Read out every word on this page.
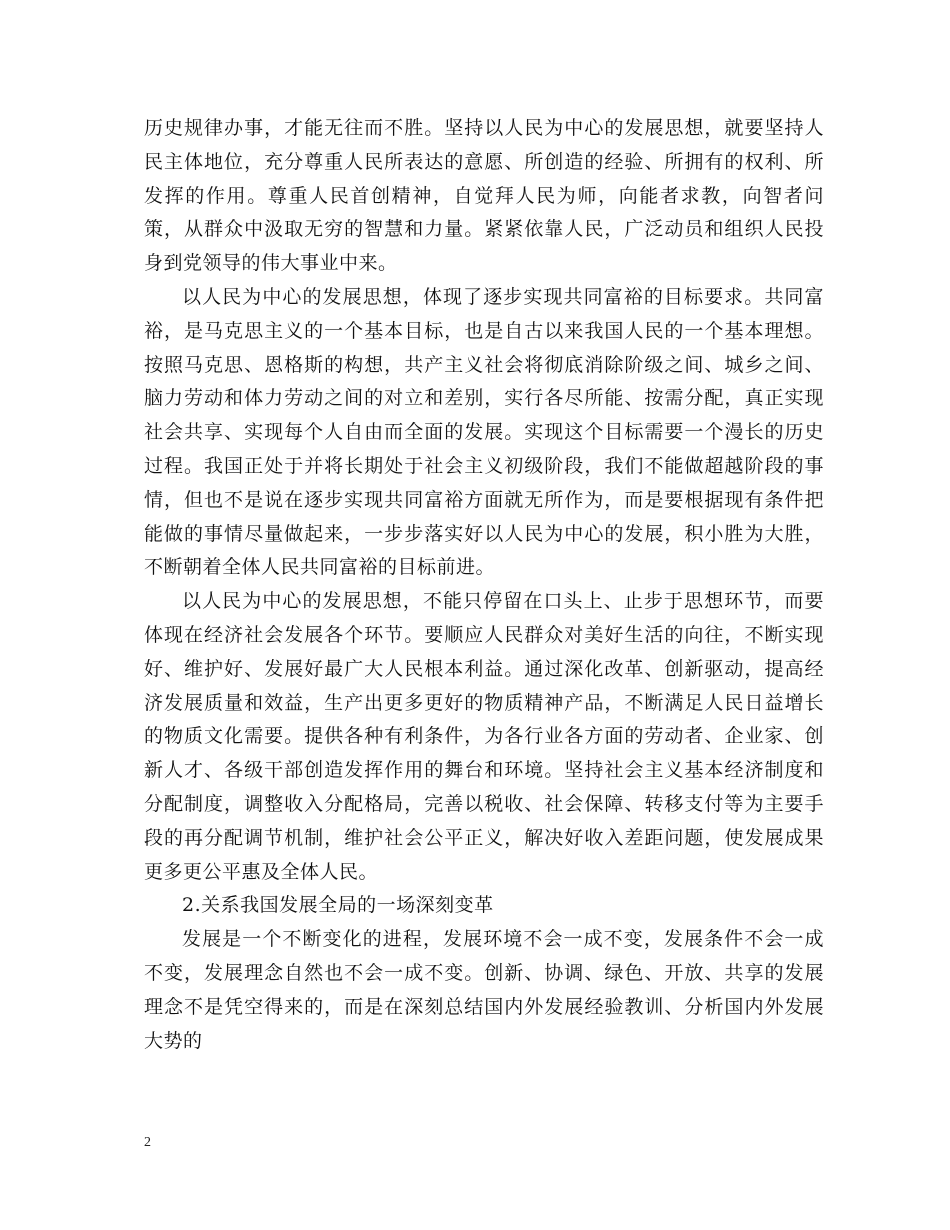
历史规律办事，才能无往而不胜。坚持以人民为中心的发展思想，就要坚持人民主体地位，充分尊重人民所表达的意愿、所创造的经验、所拥有的权利、所发挥的作用。尊重人民首创精神，自觉拜人民为师，向能者求教，向智者问策，从群众中汲取无穷的智慧和力量。紧紧依靠人民，广泛动员和组织人民投身到党领导的伟大事业中来。

以人民为中心的发展思想，体现了逐步实现共同富裕的目标要求。共同富裕，是马克思主义的一个基本目标，也是自古以来我国人民的一个基本理想。按照马克思、恩格斯的构想，共产主义社会将彻底消除阶级之间、城乡之间、脑力劳动和体力劳动之间的对立和差别，实行各尽所能、按需分配，真正实现社会共享、实现每个人自由而全面的发展。实现这个目标需要一个漫长的历史过程。我国正处于并将长期处于社会主义初级阶段，我们不能做超越阶段的事情，但也不是说在逐步实现共同富裕方面就无所作为，而是要根据现有条件把能做的事情尽量做起来，一步步落实好以人民为中心的发展，积小胜为大胜，不断朝着全体人民共同富裕的目标前进。

以人民为中心的发展思想，不能只停留在口头上、止步于思想环节，而要体现在经济社会发展各个环节。要顺应人民群众对美好生活的向往，不断实现好、维护好、发展好最广大人民根本利益。通过深化改革、创新驱动，提高经济发展质量和效益，生产出更多更好的物质精神产品，不断满足人民日益增长的物质文化需要。提供各种有利条件，为各行业各方面的劳动者、企业家、创新人才、各级干部创造发挥作用的舞台和环境。坚持社会主义基本经济制度和分配制度，调整收入分配格局，完善以税收、社会保障、转移支付等为主要手段的再分配调节机制，维护社会公平正义，解决好收入差距问题，使发展成果更多更公平惠及全体人民。

2.关系我国发展全局的一场深刻变革

发展是一个不断变化的进程，发展环境不会一成不变，发展条件不会一成不变，发展理念自然也不会一成不变。创新、协调、绿色、开放、共享的发展理念不是凭空得来的，而是在深刻总结国内外发展经验教训、分析国内外发展大势的

2
